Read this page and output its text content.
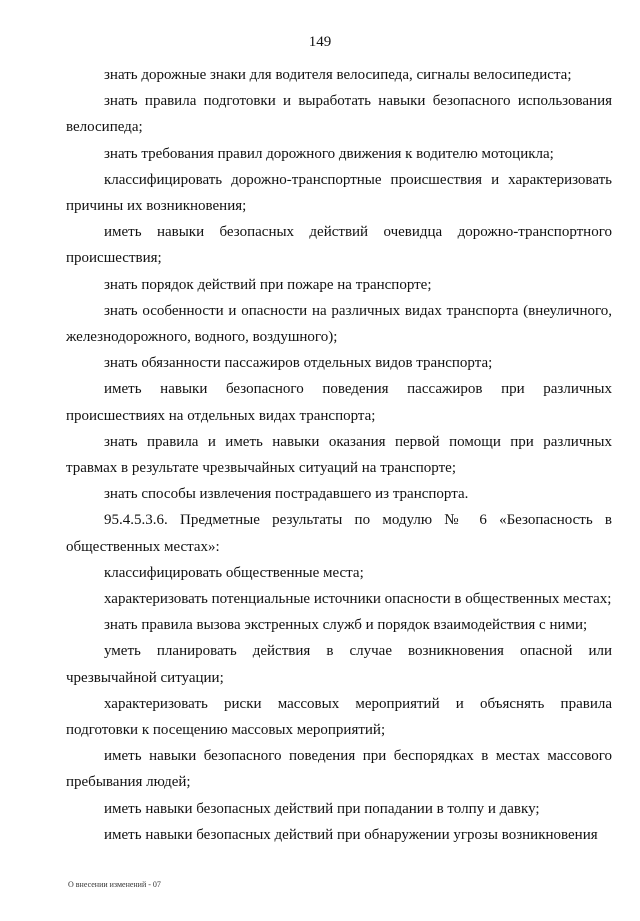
149

знать дорожные знаки для водителя велосипеда, сигналы велосипедиста;

знать правила подготовки и выработать навыки безопасного использования велосипеда;

знать требования правил дорожного движения к водителю мотоцикла;

классифицировать дорожно-транспортные происшествия и характеризовать причины их возникновения;

иметь навыки безопасных действий очевидца дорожно-транспортного происшествия;

знать порядок действий при пожаре на транспорте;

знать особенности и опасности на различных видах транспорта (внеуличного, железнодорожного, водного, воздушного);

знать обязанности пассажиров отдельных видов транспорта;

иметь навыки безопасного поведения пассажиров при различных происшествиях на отдельных видах транспорта;

знать правила и иметь навыки оказания первой помощи при различных травмах в результате чрезвычайных ситуаций на транспорте;

знать способы извлечения пострадавшего из транспорта.

95.4.5.3.6. Предметные результаты по модулю № 6 «Безопасность в общественных местах»:

классифицировать общественные места;

характеризовать потенциальные источники опасности в общественных местах;

знать правила вызова экстренных служб и порядок взаимодействия с ними;

уметь планировать действия в случае возникновения опасной или чрезвычайной ситуации;

характеризовать риски массовых мероприятий и объяснять правила подготовки к посещению массовых мероприятий;

иметь навыки безопасного поведения при беспорядках в местах массового пребывания людей;

иметь навыки безопасных действий при попадании в толпу и давку;

иметь навыки безопасных действий при обнаружении угрозы возникновения

О внесении изменений - 07
